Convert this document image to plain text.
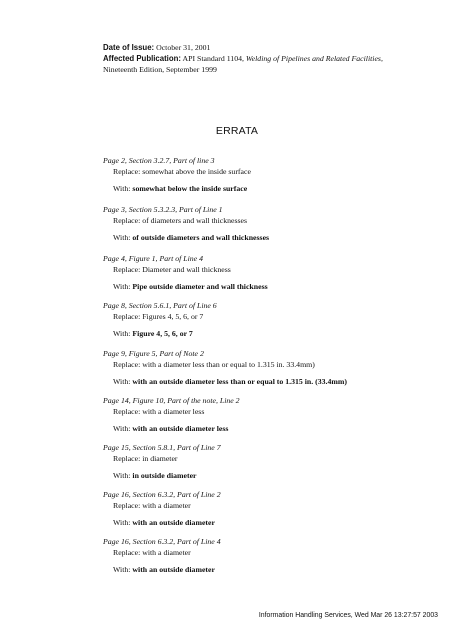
Date of Issue: October 31, 2001
Affected Publication: API Standard 1104, Welding of Pipelines and Related Facilities,
Nineteenth Edition, September 1999
ERRATA
Page 2, Section 3.2.7, Part of line 3
Replace: somewhat above the inside surface
With: somewhat below the inside surface
Page 3, Section 5.3.2.3, Part of Line 1
Replace: of diameters and wall thicknesses
With: of outside diameters and wall thicknesses
Page 4, Figure 1, Part of Line 4
Replace: Diameter and wall thickness
With: Pipe outside diameter and wall thickness
Page 8, Section 5.6.1, Part of Line 6
Replace: Figures 4, 5, 6, or 7
With: Figure 4, 5, 6, or 7
Page 9, Figure 5, Part of Note 2
Replace: with a diameter less than or equal to 1.315 in. 33.4mm)
With: with an outside diameter less than or equal to 1.315 in. (33.4mm)
Page 14, Figure 10, Part of the note, Line 2
Replace: with a diameter less
With: with an outside diameter less
Page 15, Section 5.8.1, Part of Line 7
Replace: in diameter
With: in outside diameter
Page 16, Section 6.3.2, Part of Line 2
Replace: with a diameter
With: with an outside diameter
Page 16, Section 6.3.2, Part of Line 4
Replace: with a diameter
With: with an outside diameter
Information Handling Services, Wed Mar 26 13:27:57 2003
